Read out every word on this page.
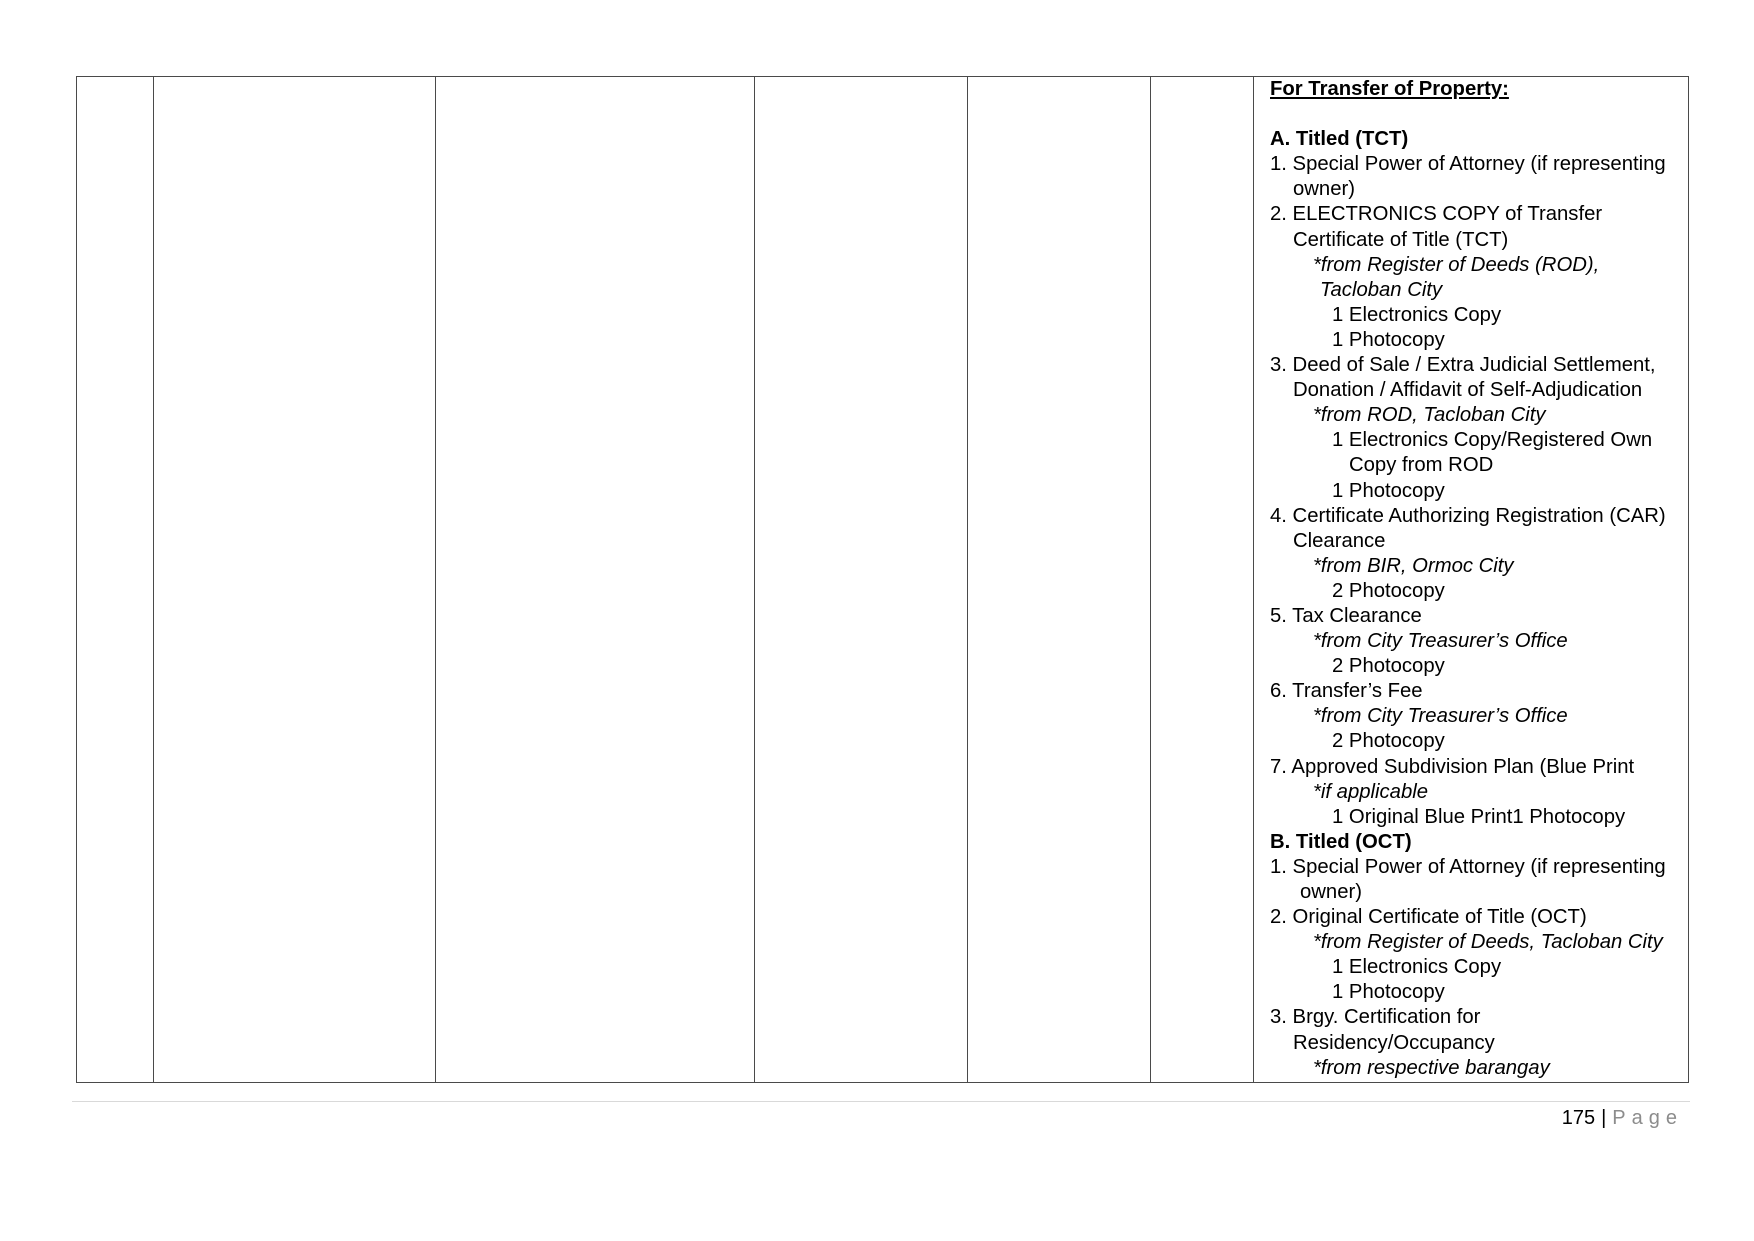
For Transfer of Property:
A. Titled (TCT)
1. Special Power of Attorney (if representing
owner)
2. ELECTRONICS COPY of Transfer
Certificate of Title (TCT)
*from Register of Deeds (ROD),
Tacloban City
1 Electronics Copy
1 Photocopy
3. Deed of Sale / Extra Judicial Settlement,
Donation / Affidavit of Self-Adjudication
*from ROD, Tacloban City
1 Electronics Copy/Registered Own
Copy from ROD
1 Photocopy
4. Certificate Authorizing Registration (CAR)
Clearance
*from BIR, Ormoc City
2 Photocopy
5. Tax Clearance
*from City Treasurer’s Office
2 Photocopy
6. Transfer’s Fee
*from City Treasurer’s Office
2 Photocopy
7. Approved Subdivision Plan (Blue Print
*if applicable
1 Original Blue Print1 Photocopy
B. Titled (OCT)
1. Special Power of Attorney (if representing
owner)
2. Original Certificate of Title (OCT)
*from Register of Deeds, Tacloban City
1 Electronics Copy
1 Photocopy
3. Brgy. Certification for
Residency/Occupancy
*from respective barangay
175 | Page
